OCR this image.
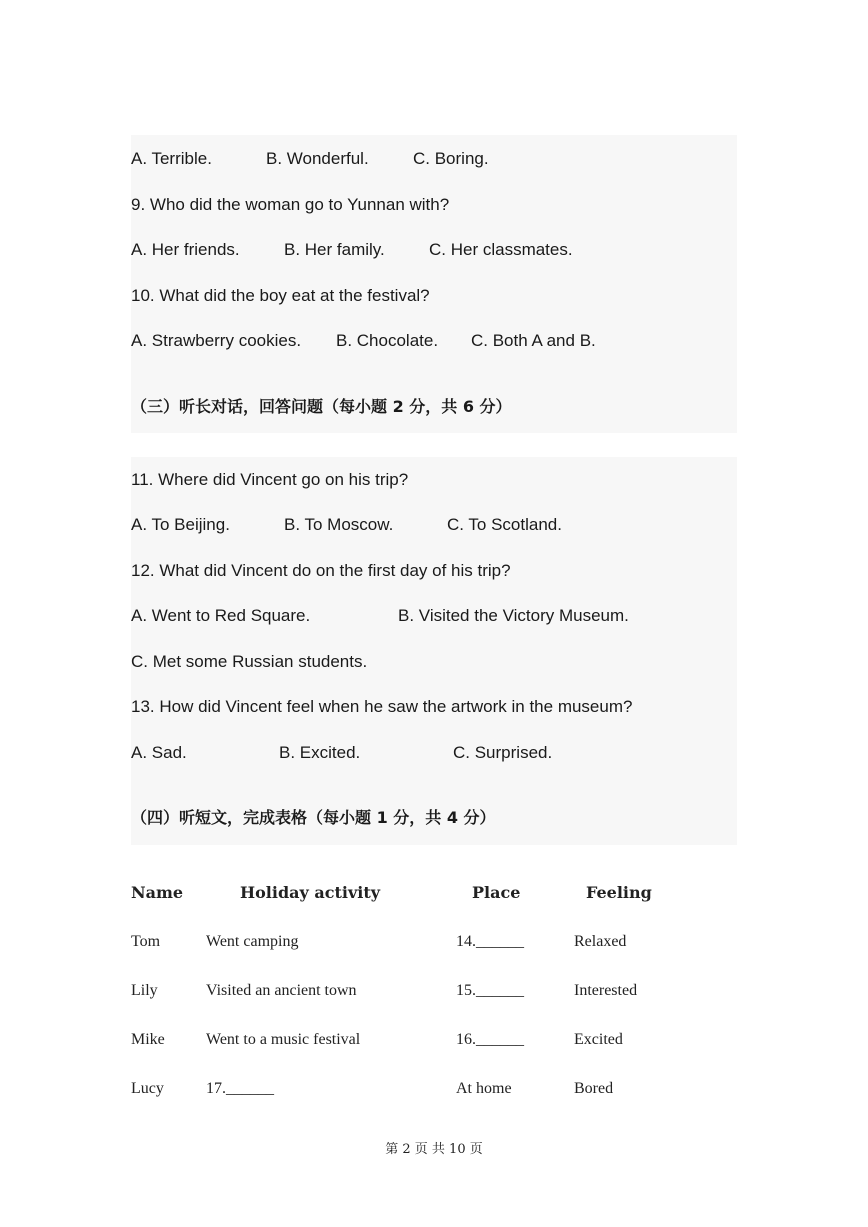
A. Terrible.	B. Wonderful.	C. Boring.
9. Who did the woman go to Yunnan with?
A. Her friends.	B. Her family.	C. Her classmates.
10. What did the boy eat at the festival?
A. Strawberry cookies. B. Chocolate. C. Both A and B.
（三）听长对话，回答问题（每小题 2 分，共 6 分）
11. Where did Vincent go on his trip?
A. To Beijing.	B. To Moscow.	C. To Scotland.
12. What did Vincent do on the first day of his trip?
A. Went to Red Square.	B. Visited the Victory Museum.
C. Met some Russian students.
13. How did Vincent feel when he saw the artwork in the museum?
A. Sad.	B. Excited.	C. Surprised.
（四）听短文，完成表格（每小题 1 分，共 4 分）
Name	Holiday activity	Place	Feeling
Tom	Went camping	14.______	Relaxed
Lily	Visited an ancient town	15.______	Interested
Mike	Went to a music festival	16.______	Excited
Lucy	17.______	At home	Bored
第 2 页 共 10 页
